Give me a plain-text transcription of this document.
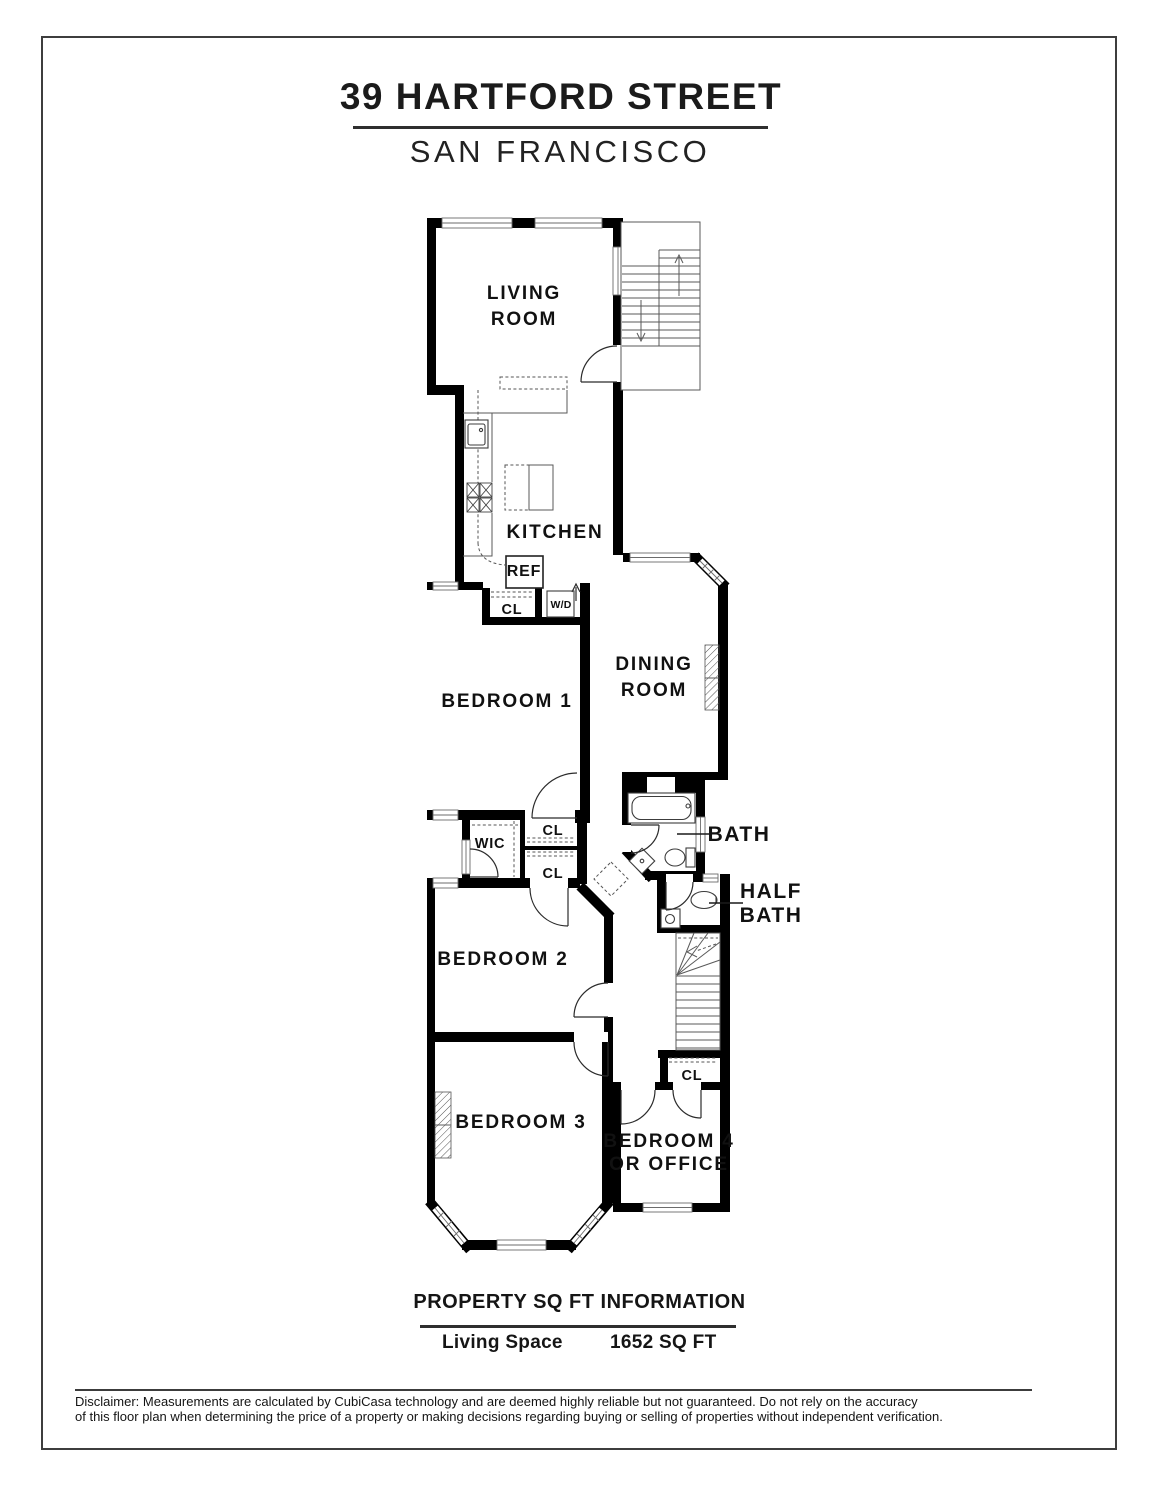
39 HARTFORD STREET
SAN FRANCISCO
LIVING
ROOM
KITCHEN
REF
CL	W/D
BEDROOM 1
DINING
ROOM
WIC
CL
CL
BATH
HALF
BATH
BEDROOM 2
CL
BEDROOM 3
BEDROOM 4
OR OFFICE
PROPERTY SQ FT INFORMATION
Living Space 1652 SQ FT
Disclaimer: Measurements are calculated by CubiCasa technology and are deemed highly reliable but not guaranteed. Do not rely on the accuracy
of this floor plan when determining the price of a property or making decisions regarding buying or selling of properties without independent verification.
